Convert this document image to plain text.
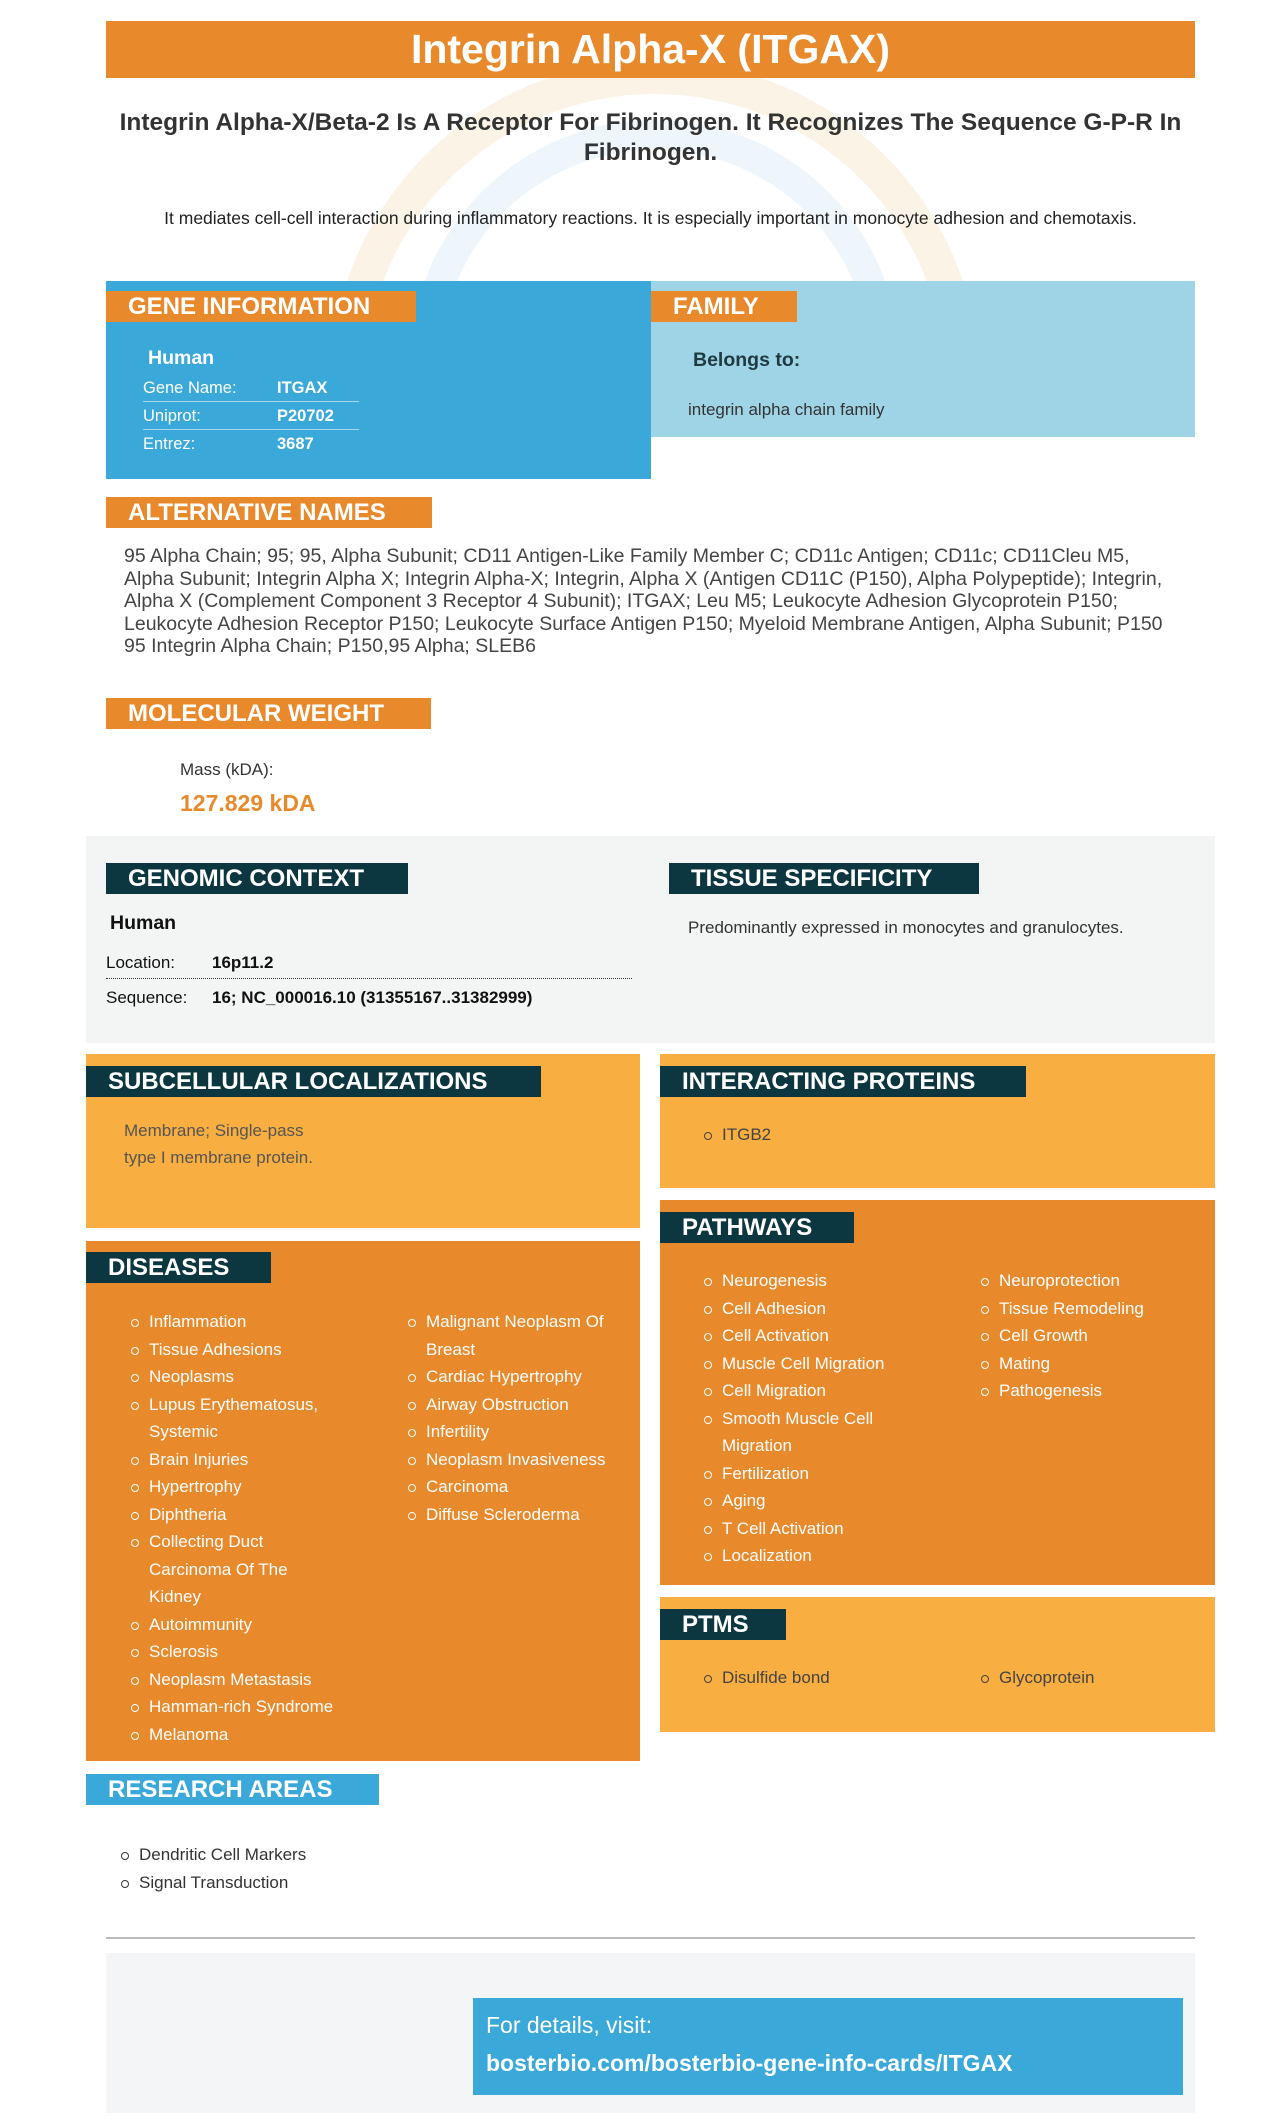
Integrin Alpha-X (ITGAX)
Integrin Alpha-X/Beta-2 Is A Receptor For Fibrinogen. It Recognizes The Sequence G-P-R In Fibrinogen.
It mediates cell-cell interaction during inflammatory reactions. It is especially important in monocyte adhesion and chemotaxis.
GENE INFORMATION
Human
Gene Name: ITGAX
Uniprot:	P20702
Entrez:	3687
FAMILY
Belongs to:
integrin alpha chain family
ALTERNATIVE NAMES
95 Alpha Chain; 95; 95, Alpha Subunit; CD11 Antigen-Like Family Member C; CD11c Antigen; CD11c; CD11Cleu M5, Alpha Subunit; Integrin Alpha X; Integrin Alpha-X; Integrin, Alpha X (Antigen CD11C (P150), Alpha Polypeptide); Integrin, Alpha X (Complement Component 3 Receptor 4 Subunit); ITGAX; Leu M5; Leukocyte Adhesion Glycoprotein P150; Leukocyte Adhesion Receptor P150; Leukocyte Surface Antigen P150; Myeloid Membrane Antigen, Alpha Subunit; P150 95 Integrin Alpha Chain; P150,95 Alpha; SLEB6
MOLECULAR WEIGHT
Mass (kDA):
127.829 kDA
GENOMIC CONTEXT
Human
Location: 16p11.2
Sequence: 16; NC_000016.10 (31355167..31382999)
TISSUE SPECIFICITY
Predominantly expressed in monocytes and granulocytes.
SUBCELLULAR LOCALIZATIONS
Membrane; Single-pass
type I membrane protein.
INTERACTING PROTEINS
ITGB2
DISEASES
Inflammation
Tissue Adhesions
Neoplasms
Lupus Erythematosus, Systemic
Brain Injuries
Hypertrophy
Diphtheria
Collecting Duct Carcinoma Of The Kidney
Autoimmunity
Sclerosis
Neoplasm Metastasis
Hamman-rich Syndrome
Melanoma
Malignant Neoplasm Of Breast
Cardiac Hypertrophy
Airway Obstruction
Infertility
Neoplasm Invasiveness
Carcinoma
Diffuse Scleroderma
PATHWAYS
Neurogenesis
Cell Adhesion
Cell Activation
Muscle Cell Migration
Cell Migration
Smooth Muscle Cell Migration
Fertilization
Aging
T Cell Activation
Localization
Neuroprotection
Tissue Remodeling
Cell Growth
Mating
Pathogenesis
PTMS
Disulfide bond	Glycoprotein
RESEARCH AREAS
Dendritic Cell Markers
Signal Transduction
For details, visit:
bosterbio.com/bosterbio-gene-info-cards/ITGAX
